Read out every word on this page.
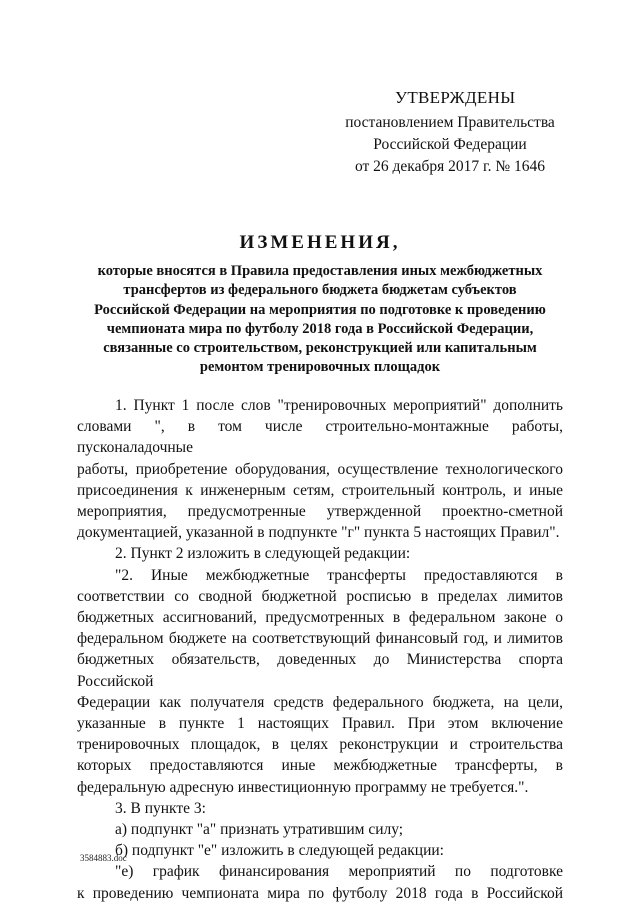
УТВЕРЖДЕНЫ
постановлением Правительства
Российской Федерации
от 26 декабря 2017 г. № 1646
ИЗМЕНЕНИЯ,
которые вносятся в Правила предоставления иных межбюджетных
трансфертов из федерального бюджета бюджетам субъектов
Российской Федерации на мероприятия по подготовке к проведению
чемпионата мира по футболу 2018 года в Российской Федерации,
связанные со строительством, реконструкцией или капитальным
ремонтом тренировочных площадок
1. Пункт 1 после слов "тренировочных мероприятий" дополнить
словами ", в том числе строительно-монтажные работы, пусконаладочные
работы, приобретение оборудования, осуществление технологического
присоединения к инженерным сетям, строительный контроль, и иные
мероприятия, предусмотренные утвержденной проектно-сметной
документацией, указанной в подпункте "г" пункта 5 настоящих Правил".
2. Пункт 2 изложить в следующей редакции:
"2. Иные межбюджетные трансферты предоставляются в
соответствии со сводной бюджетной росписью в пределах лимитов
бюджетных ассигнований, предусмотренных в федеральном законе о
федеральном бюджете на соответствующий финансовый год, и лимитов
бюджетных обязательств, доведенных до Министерства спорта Российской
Федерации как получателя средств федерального бюджета, на цели,
указанные в пункте 1 настоящих Правил. При этом включение
тренировочных площадок, в целях реконструкции и строительства
которых предоставляются иные межбюджетные трансферты, в
федеральную адресную инвестиционную программу не требуется.".
3. В пункте 3:
а) подпункт "а" признать утратившим силу;
б) подпункт "е" изложить в следующей редакции:
"е) график финансирования мероприятий по подготовке
к проведению чемпионата мира по футболу 2018 года в Российской
3584883.doc
